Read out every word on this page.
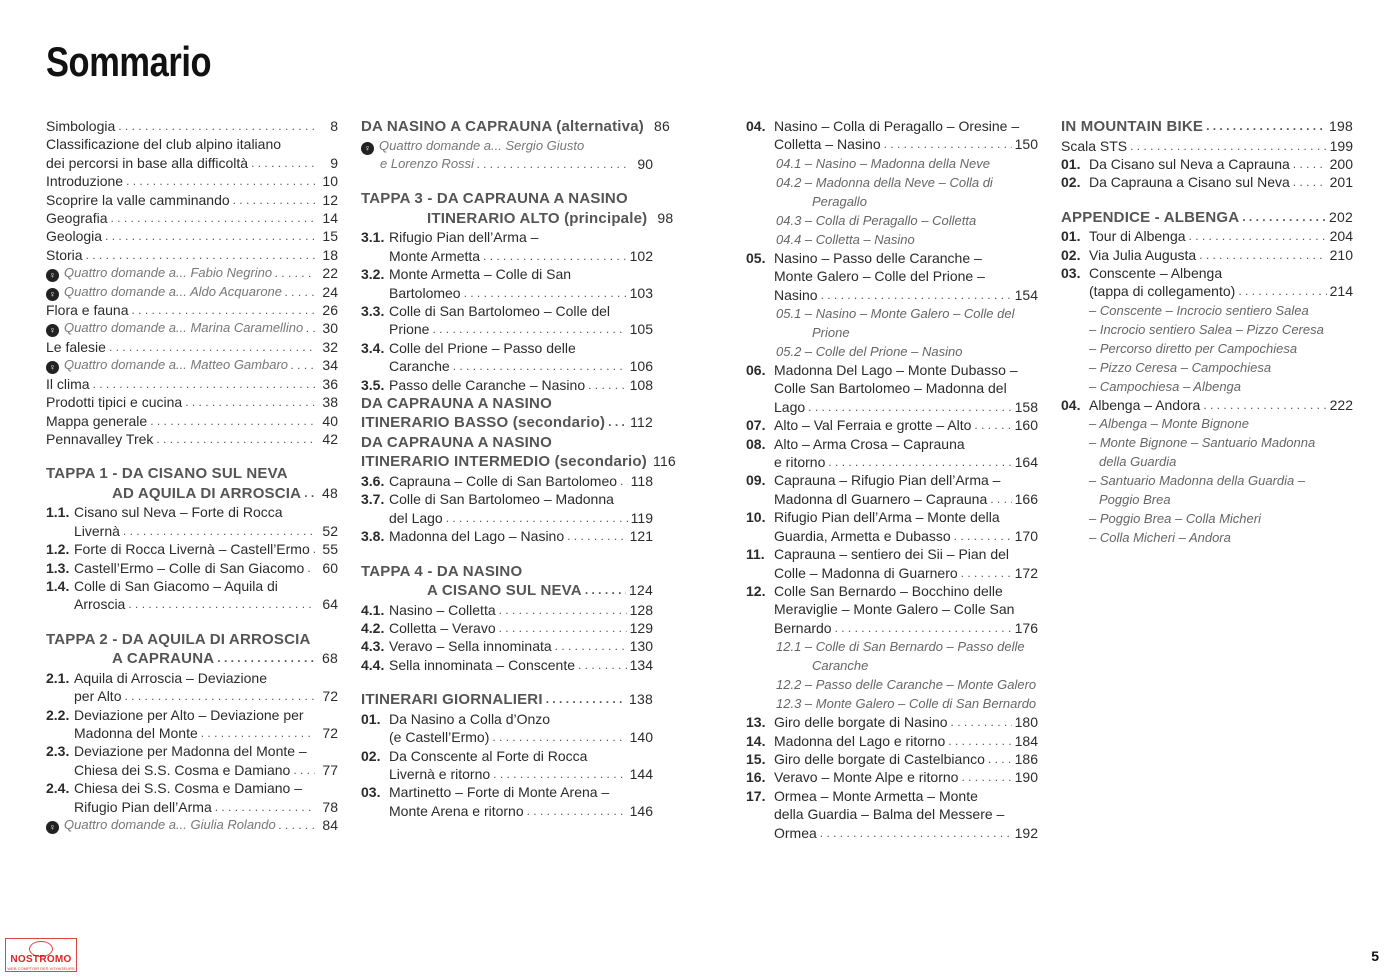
Sommario
Simbologia . . .	8
Classificazione del club alpino italiano
dei percorsi in base alla difficoltà . . .	9
Introduzione . . .	10
Scoprire la valle camminando . . .	12
Geografia . . .	14
Geologia . . .	15
Storia . . .	18
♀ Quattro domande a... Fabio Negrino . . .	22
♀ Quattro domande a... Aldo Acquarone . . .	24
Flora e fauna . . .	26
♀ Quattro domande a... Marina Caramellino . . .	30
Le falesie . . .	32
♀ Quattro domande a... Matteo Gambaro . . .	34
Il clima . . .	36
Prodotti tipici e cucina . . .	38
Mappa generale . . .	40
Pennavalley Trek . . .	42
TAPPA 1 - DA CISANO SUL NEVA
AD AQUILA DI ARROSCIA . . . 48
1.1. Cisano sul Neva – Forte di Rocca
Livernà . . .	52
1.2. Forte di Rocca Livernà – Castell’Ermo . . . 55
1.3. Castell’Ermo – Colle di San Giacomo . . .	60
1.4. Colle di San Giacomo – Aquila di
Arroscia . . .	64
TAPPA 2 - DA AQUILA DI ARROSCIA
A CAPRAUNA . . .	68
2.1. Aquila di Arroscia – Deviazione
per Alto . . .	72
2.2. Deviazione per Alto – Deviazione per
Madonna del Monte . . .	72
2.3. Deviazione per Madonna del Monte –
Chiesa dei S.S. Cosma e Damiano . . .	77
2.4. Chiesa dei S.S. Cosma e Damiano –
Rifugio Pian dell’Arma . . .	78
♀ Quattro domande a... Giulia Rolando . . .	84
DA NASINO A CAPRAUNA (alternativa) 86
♀ Quattro domande a... Sergio Giusto
e Lorenzo Rossi . . .	90
TAPPA 3 - DA CAPRAUNA A NASINO
ITINERARIO ALTO (principale) 98
3.1. Rifugio Pian dell’Arma –
Monte Armetta . . .	102
3.2. Monte Armetta – Colle di San
Bartolomeo . . .	103
3.3. Colle di San Bartolomeo – Colle del
Prione . . .	105
3.4. Colle del Prione – Passo delle
Caranche . . .	106
3.5. Passo delle Caranche – Nasino . . .	108
DA CAPRAUNA A NASINO
ITINERARIO BASSO (secondario) . . . 112
DA CAPRAUNA A NASINO
ITINERARIO INTERMEDIO (secondario) 116
3.6. Caprauna – Colle di San Bartolomeo . . . 118
3.7. Colle di San Bartolomeo – Madonna
del Lago . . .	119
3.8. Madonna del Lago – Nasino . . .	121
TAPPA 4 - DA NASINO
A CISANO SUL NEVA . . .	124
4.1. Nasino – Colletta . . .	128
4.2. Colletta – Veravo . . .	129
4.3. Veravo – Sella innominata . . .	130
4.4. Sella innominata – Conscente . . .	134
ITINERARI GIORNALIERI . . .	138
01. Da Nasino a Colla d’Onzo
(e Castell’Ermo) . . .	140
02. Da Conscente al Forte di Rocca
Livernà e ritorno . . .	144
03. Martinetto – Forte di Monte Arena –
Monte Arena e ritorno . . .	146
04. Nasino – Colla di Peragallo – Oresine –
Colletta – Nasino . . .	150
04.1 – Nasino – Madonna della Neve
04.2 – Madonna della Neve – Colla di
Peragallo
04.3 – Colla di Peragallo – Colletta
04.4 – Colletta – Nasino
05. Nasino – Passo delle Caranche –
Monte Galero – Colle del Prione –
Nasino . . .	154
05.1 – Nasino – Monte Galero – Colle del
Prione
05.2 – Colle del Prione – Nasino
06. Madonna Del Lago – Monte Dubasso –
Colle San Bartolomeo – Madonna del
Lago . . .	158
07. Alto – Val Ferraia e grotte – Alto . . .	160
08. Alto – Arma Crosa – Caprauna
e ritorno . . .	164
09. Caprauna – Rifugio Pian dell’Arma –
Madonna dl Guarnero – Caprauna . . . 166
10. Rifugio Pian dell’Arma – Monte della
Guardia, Armetta e Dubasso . . .	170
11. Caprauna – sentiero dei Sii – Pian del
Colle – Madonna di Guarnero . . .	172
12. Colle San Bernardo – Bocchino delle
Meraviglie – Monte Galero – Colle San
Bernardo . . .	176
12.1 – Colle di San Bernardo – Passo delle
Caranche
12.2 – Passo delle Caranche – Monte Galero
12.3 – Monte Galero – Colle di San Bernardo
13. Giro delle borgate di Nasino . . .	180
14. Madonna del Lago e ritorno . . .	184
15. Giro delle borgate di Castelbianco . . . 186
16. Veravo – Monte Alpe e ritorno . . .	190
17. Ormea – Monte Armetta – Monte
della Guardia – Balma del Messere –
Ormea . . .	192
IN MOUNTAIN BIKE . . .	198
Scala STS . . .	199
01. Da Cisano sul Neva a Caprauna . . .	200
02. Da Caprauna a Cisano sul Neva . . .	201
APPENDICE - ALBENGA . . .	202
01. Tour di Albenga . . .	204
02. Via Julia Augusta . . .	210
03. Conscente – Albenga
(tappa di collegamento) . . .	214
– Conscente – Incrocio sentiero Salea
– Incrocio sentiero Salea – Pizzo Ceresa
– Percorso diretto per Campochiesa
– Pizzo Ceresa – Campochiesa
– Campochiesa – Albenga
04. Albenga – Andora . . .	222
– Albenga – Monte Bignone
– Monte Bignone – Santuario Madonna
della Guardia
– Santuario Madonna della Guardia –
Poggio Brea
– Poggio Brea – Colla Micheri
– Colla Micheri – Andora
NOSTROMO
WEB COMPTOIR DES VOYAGEURS
5
